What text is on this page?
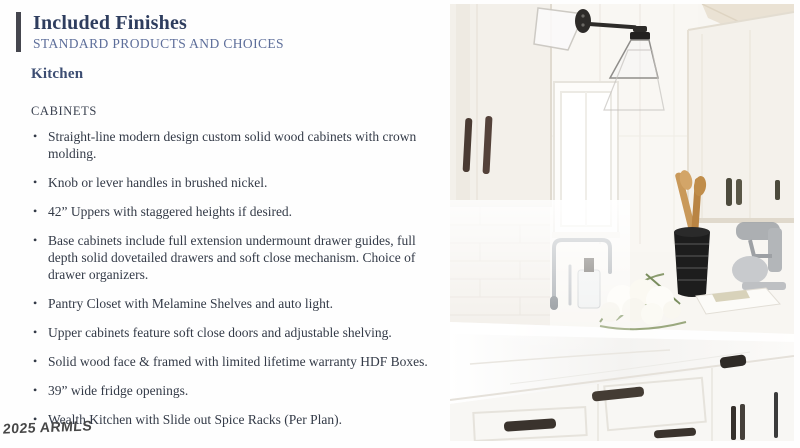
Included Finishes
STANDARD PRODUCTS AND CHOICES
Kitchen
CABINETS
• Straight-line modern design custom solid wood cabinets with crown molding.
• Knob or lever handles in brushed nickel.
• 42” Uppers with staggered heights if desired.
• Base cabinets include full extension undermount drawer guides, full depth solid dovetailed drawers and soft close mechanism. Choice of drawer organizers.
• Pantry Closet with Melamine Shelves and auto light.
• Upper cabinets feature soft close doors and adjustable shelving.
• Solid wood face & framed with limited lifetime warranty HDF Boxes.
• 39” wide fridge openings.
• Wealth Kitchen with Slide out Spice Racks (Per Plan).
2025 ARMLS
